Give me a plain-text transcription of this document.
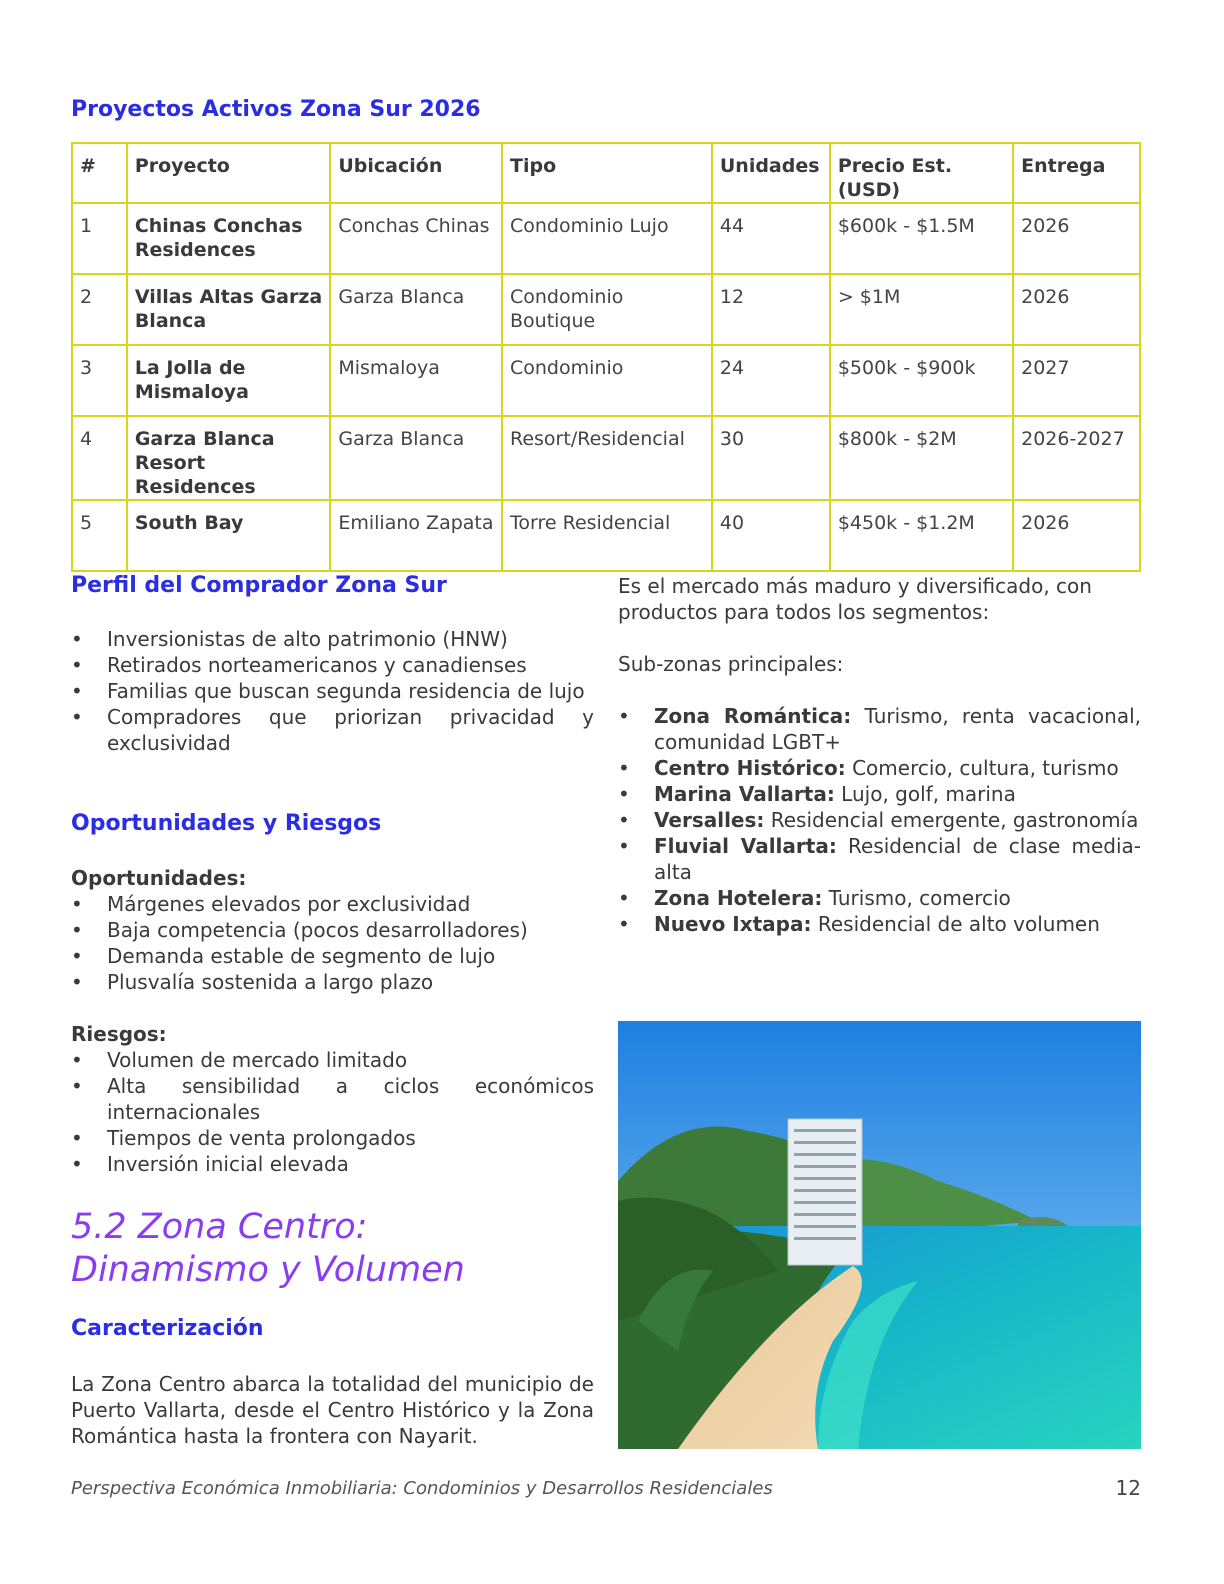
Proyectos Activos Zona Sur 2026
#	Proyecto	Ubicación	Tipo	Unidades	Precio Est. (USD)	Entrega
1	Chinas Conchas Residences	Conchas Chinas	Condominio Lujo	44	$600k - $1.5M	2026
2	Villas Altas Garza Blanca	Garza Blanca	Condominio Boutique	12	> $1M	2026
3	La Jolla de Mismaloya	Mismaloya	Condominio	24	$500k - $900k	2027
4	Garza Blanca Resort Residences	Garza Blanca	Resort/Residencial	30	$800k - $2M	2026-2027
5	South Bay	Emiliano Zapata	Torre Residencial	40	$450k - $1.2M	2026
Perfil del Comprador Zona Sur
• Inversionistas de alto patrimonio (HNW)
• Retirados norteamericanos y canadienses
• Familias que buscan segunda residencia de lujo
• Compradores que priorizan privacidad y exclusividad
Oportunidades y Riesgos
Oportunidades:
• Márgenes elevados por exclusividad
• Baja competencia (pocos desarrolladores)
• Demanda estable de segmento de lujo
• Plusvalía sostenida a largo plazo
Riesgos:
• Volumen de mercado limitado
• Alta sensibilidad a ciclos económicos internacionales
• Tiempos de venta prolongados
• Inversión inicial elevada
5.2 Zona Centro:
Dinamismo y Volumen
Caracterización
La Zona Centro abarca la totalidad del municipio de Puerto Vallarta, desde el Centro Histórico y la Zona Romántica hasta la frontera con Nayarit.
Es el mercado más maduro y diversificado, con productos para todos los segmentos:
Sub-zonas principales:
• Zona Romántica: Turismo, renta vacacional, comunidad LGBT+
• Centro Histórico: Comercio, cultura, turismo
• Marina Vallarta: Lujo, golf, marina
• Versalles: Residencial emergente, gastronomía
• Fluvial Vallarta: Residencial de clase media-alta
• Zona Hotelera: Turismo, comercio
• Nuevo Ixtapa: Residencial de alto volumen
Perspectiva Económica Inmobiliaria: Condominios y Desarrollos Residenciales	12
